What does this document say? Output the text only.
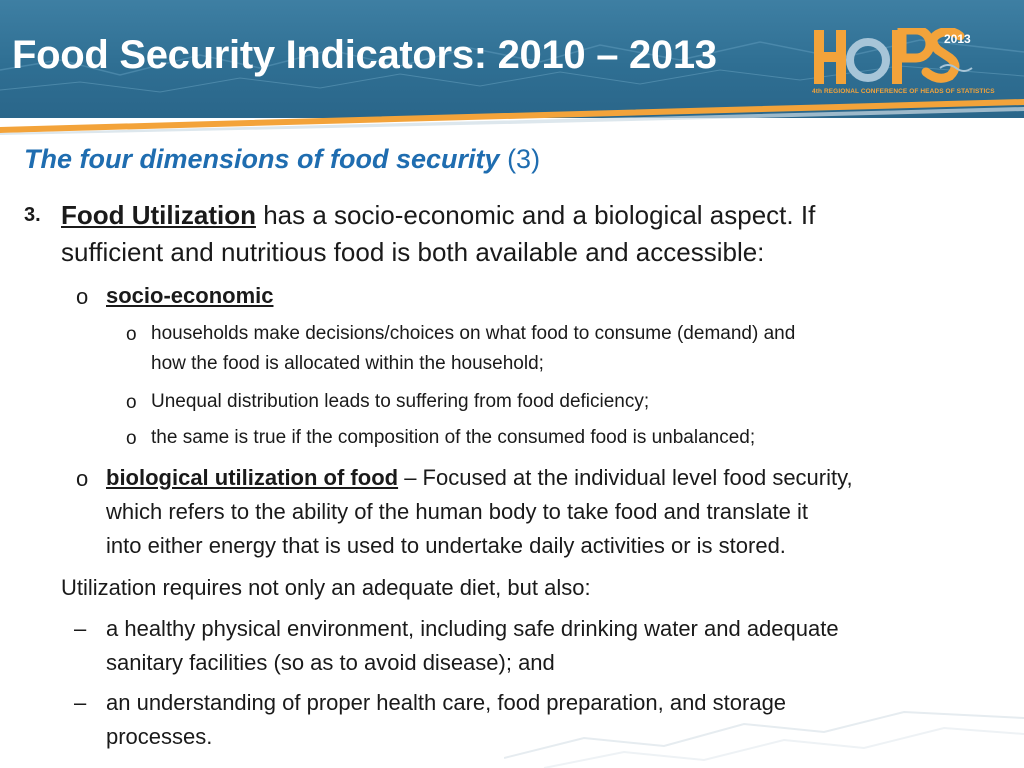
Food Security Indicators: 2010 – 2013	2013
4th REGIONAL CONFERENCE OF HEADS OF STATISTICS
The four dimensions of food security (3)
3. Food Utilization has a socio-economic and a biological aspect. If
sufficient and nutritious food is both available and accessible:
o socio-economic
o households make decisions/choices on what food to consume (demand) and
how the food is allocated within the household;
o Unequal distribution leads to suffering from food deficiency;
o the same is true if the composition of the consumed food is unbalanced;
o biological utilization of food – Focused at the individual level food security,
which refers to the ability of the human body to take food and translate it
into either energy that is used to undertake daily activities or is stored.
Utilization requires not only an adequate diet, but also:
– a healthy physical environment, including safe drinking water and adequate
sanitary facilities (so as to avoid disease); and
– an understanding of proper health care, food preparation, and storage
processes.
